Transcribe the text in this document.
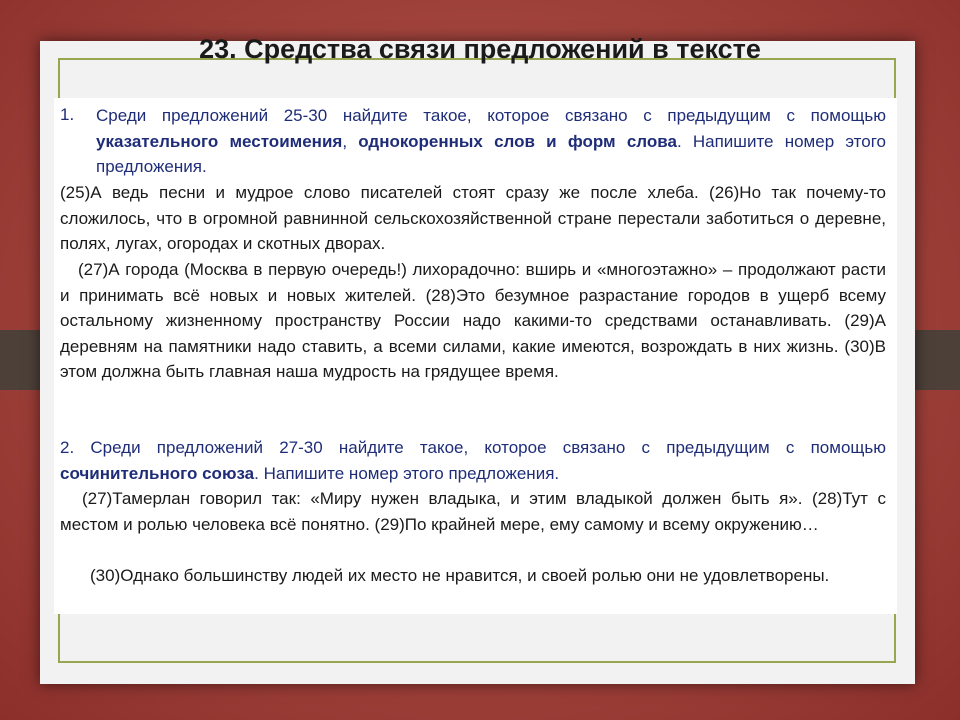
23. Средства связи предложений в тексте
1. Среди предложений 25-30 найдите такое, которое связано с предыдущим с помощью указательного местоимения, однокоренных слов и форм слова. Напишите номер этого предложения.

(25)А ведь песни и мудрое слово писателей стоят сразу же после хлеба. (26)Но так почему-то сложилось, что в огромной равнинной сельскохозяйственной стране перестали заботиться о деревне, полях, лугах, огородах и скотных дворах.

(27)А города (Москва в первую очередь!) лихорадочно: вширь и «многоэтажно» – продолжают расти и принимать всё новых и новых жителей. (28)Это безумное разрастание городов в ущерб всему остальному жизненному пространству России надо какими-то средствами останавливать. (29)А деревням на памятники надо ставить, а всеми силами, какие имеются, возрождать в них жизнь. (30)В этом должна быть главная наша мудрость на грядущее время.

2. Среди предложений 27-30 найдите такое, которое связано с предыдущим с помощью сочинительного союза. Напишите номер этого предложения.

(27)Тамерлан говорил так: «Миру нужен владыка, и этим владыкой должен быть я». (28)Тут с местом и ролью человека всё понятно. (29)По крайней мере, ему самому и всему окружению…

(30)Однако большинству людей их место не нравится, и своей ролью они не удовлетворены.
